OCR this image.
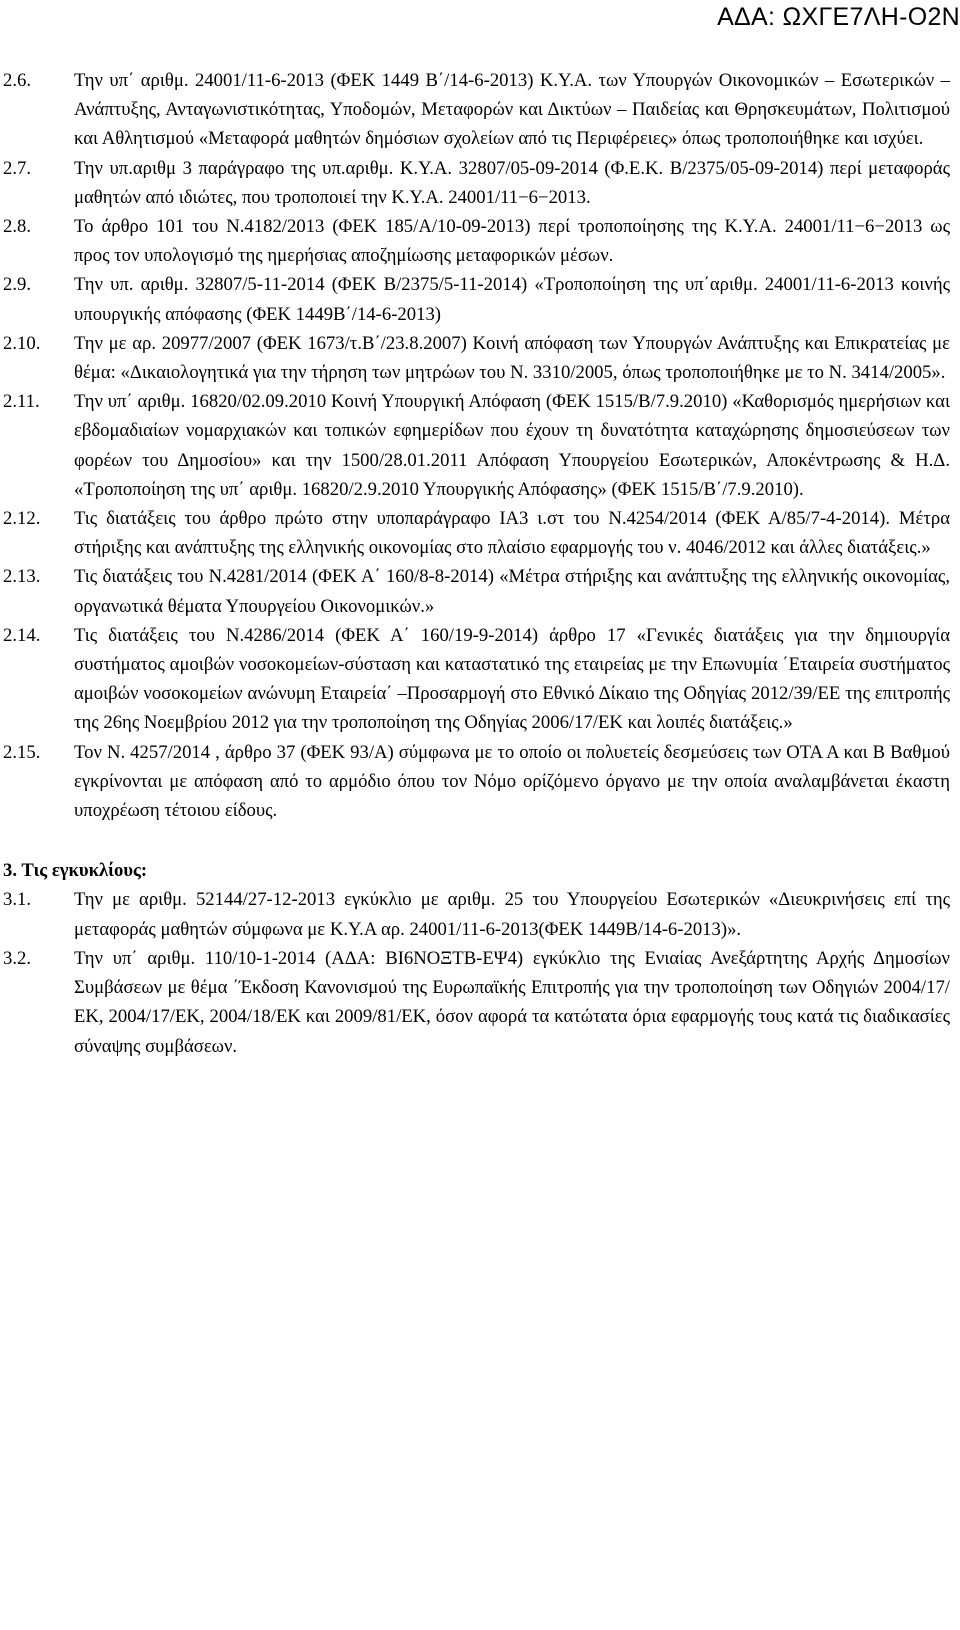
ΑΔΑ: ΩΧΓΕ7ΛΗ-Ο2Ν
2.6.	Την υπ΄ αριθμ. 24001/11-6-2013 (ΦΕΚ 1449 Β΄/14-6-2013) Κ.Υ.Α. των Υπουργών Οικονομικών – Εσωτερικών – Ανάπτυξης, Ανταγωνιστικότητας, Υποδομών, Μεταφορών και Δικτύων – Παιδείας και Θρησκευμάτων, Πολιτισμού και Αθλητισμού «Μεταφορά μαθητών δημόσιων σχολείων από τις Περιφέρειες» όπως τροποποιήθηκε και ισχύει.
2.7.	Την υπ.αριθμ 3 παράγραφο της υπ.αριθμ. Κ.Υ.Α. 32807/05-09-2014 (Φ.Ε.Κ. Β/2375/05-09-2014) περί μεταφοράς μαθητών από ιδιώτες, που τροποποιεί την Κ.Υ.Α. 24001/11−6−2013.
2.8.	Το άρθρο 101 του Ν.4182/2013 (ΦΕΚ 185/Α/10-09-2013) περί τροποποίησης της Κ.Υ.Α. 24001/11−6−2013 ως προς τον υπολογισμό της ημερήσιας αποζημίωσης μεταφορικών μέσων.
2.9.	Την υπ. αριθμ. 32807/5-11-2014 (ΦΕΚ Β/2375/5-11-2014) «Τροποποίηση της υπ΄αριθμ. 24001/11-6-2013 κοινής υπουργικής απόφασης (ΦΕΚ 1449Β΄/14-6-2013)
2.10.	Την με αρ. 20977/2007 (ΦΕΚ 1673/τ.Β΄/23.8.2007) Κοινή απόφαση των Υπουργών Ανάπτυξης και Επικρατείας με θέμα: «Δικαιολογητικά για την τήρηση των μητρώων του Ν. 3310/2005, όπως τροποποιήθηκε με το Ν. 3414/2005».
2.11.	Την υπ΄ αριθμ. 16820/02.09.2010 Κοινή Υπουργική Απόφαση (ΦΕΚ 1515/Β/7.9.2010) «Καθορισμός ημερήσιων και εβδομαδιαίων νομαρχιακών και τοπικών εφημερίδων που έχουν τη δυνατότητα καταχώρησης δημοσιεύσεων των φορέων του Δημοσίου» και την 1500/28.01.2011 Απόφαση Υπουργείου Εσωτερικών, Αποκέντρωσης & Η.Δ. «Τροποποίηση της υπ΄ αριθμ. 16820/2.9.2010 Υπουργικής Απόφασης» (ΦΕΚ 1515/Β΄/7.9.2010).
2.12.	Τις διατάξεις του άρθρο πρώτο στην υποπαράγραφο ΙΑ3 ι.στ του Ν.4254/2014 (ΦΕΚ Α/85/7-4-2014). Μέτρα στήριξης και ανάπτυξης της ελληνικής οικονομίας στο πλαίσιο εφαρμογής του ν. 4046/2012 και άλλες διατάξεις.»
2.13.	Τις διατάξεις του Ν.4281/2014 (ΦΕΚ Α΄ 160/8-8-2014) «Μέτρα στήριξης και ανάπτυξης της ελληνικής οικονομίας, οργανωτικά θέματα Υπουργείου Οικονομικών.»
2.14.	Τις διατάξεις του Ν.4286/2014 (ΦΕΚ Α΄ 160/19-9-2014) άρθρο 17 «Γενικές διατάξεις για την δημιουργία συστήματος αμοιβών νοσοκομείων-σύσταση και καταστατικό της εταιρείας με την Επωνυμία ΄Εταιρεία συστήματος αμοιβών νοσοκομείων ανώνυμη Εταιρεία΄ –Προσαρμογή στο Εθνικό Δίκαιο της Οδηγίας 2012/39/ΕΕ της επιτροπής της 26ης Νοεμβρίου 2012 για την τροποποίηση της Οδηγίας 2006/17/ΕΚ και λοιπές διατάξεις.»
2.15.	Τον Ν. 4257/2014 , άρθρο 37 (ΦΕΚ 93/Α) σύμφωνα με το οποίο οι πολυετείς δεσμεύσεις των ΟΤΑ Α και Β Βαθμού εγκρίνονται με απόφαση από το αρμόδιο όπου τον Νόμο ορίζόμενο όργανο με την οποία αναλαμβάνεται έκαστη υποχρέωση τέτοιου είδους.
3. Τις εγκυκλίους:
3.1.	Την με αριθμ. 52144/27-12-2013 εγκύκλιο με αριθμ. 25 του Υπουργείου Εσωτερικών «Διευκρινήσεις επί της μεταφοράς μαθητών σύμφωνα με Κ.Υ.Α αρ. 24001/11-6-2013(ΦΕΚ 1449Β/14-6-2013)».
3.2.	Την υπ΄ αριθμ. 110/10-1-2014 (ΑΔΑ: ΒΙ6ΝΟΞΤΒ-ΕΨ4) εγκύκλιο της Ενιαίας Ανεξάρτητης Αρχής Δημοσίων Συμβάσεων με θέμα ΄Έκδοση Κανονισμού της Ευρωπαϊκής Επιτροπής για την τροποποίηση των Οδηγιών 2004/17/ΕΚ, 2004/17/ΕΚ, 2004/18/ΕΚ και 2009/81/ΕΚ, όσον αφορά τα κατώτατα όρια εφαρμογής τους κατά τις διαδικασίες σύναψης συμβάσεων.
